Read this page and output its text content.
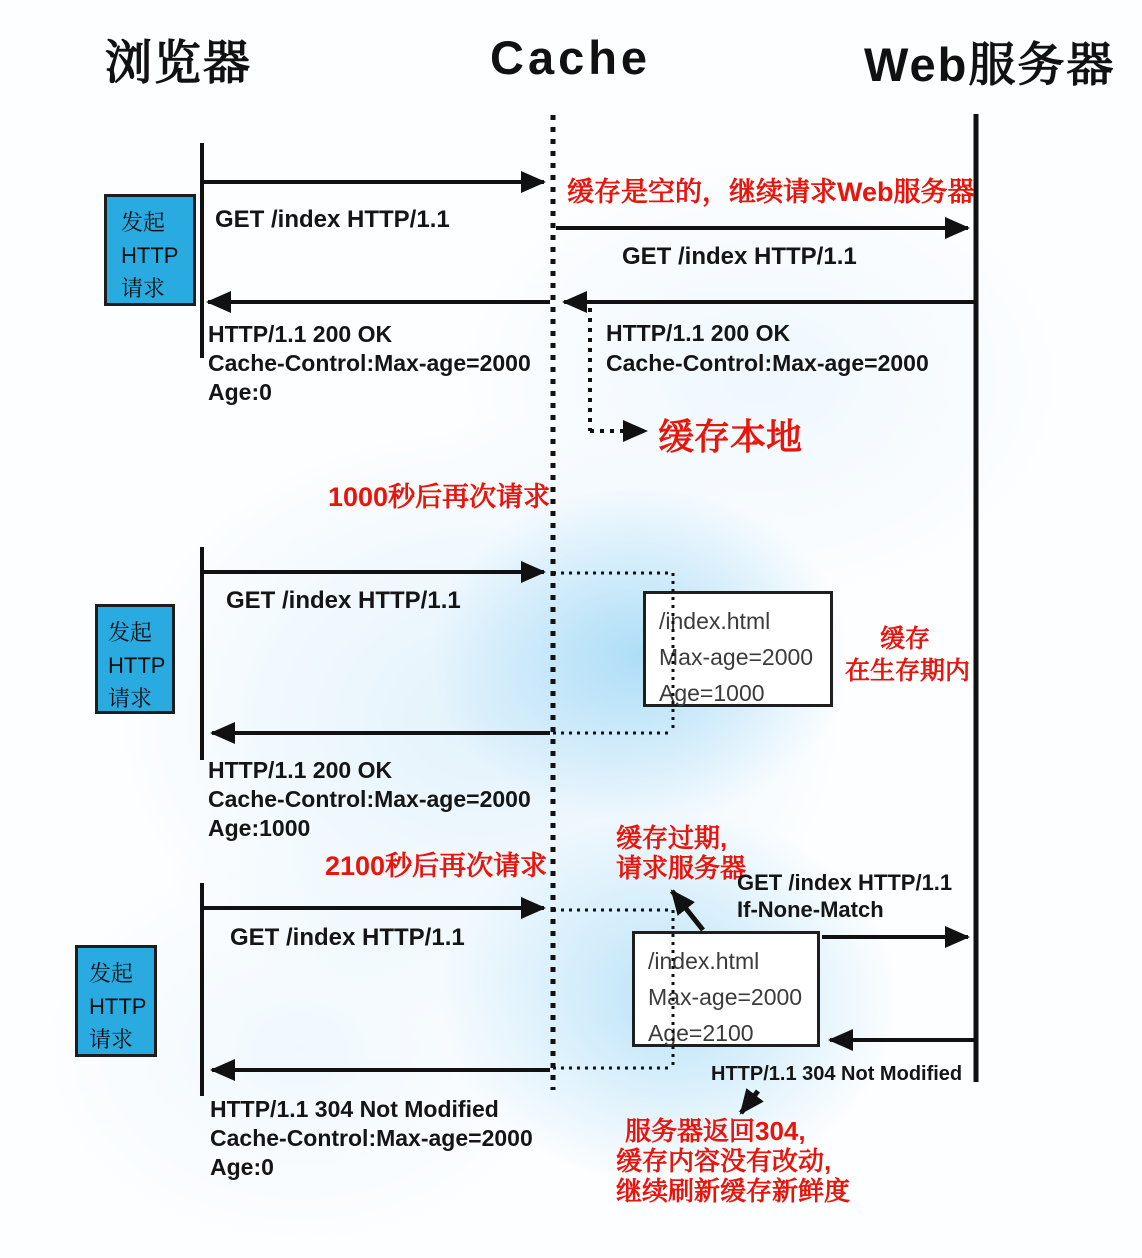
浏览器	Cache	Web服务器
/index.html
Max-age=2000
Age=1000
/index.html
Max-age=2000
Age=2100
发起
HTTP
请求
发起
HTTP
请求
发起
HTTP
请求
GET /index HTTP/1.1
缓存是空的，继续请求Web服务器
GET /index HTTP/1.1
HTTP/1.1 200 OK
Cache-Control:Max-age=2000
HTTP/1.1 200 OK
Cache-Control:Max-age=2000
Age:0
缓存本地
1000秒后再次请求
GET /index HTTP/1.1
缓存
在生存期内
HTTP/1.1 200 OK
Cache-Control:Max-age=2000
Age:1000
2100秒后再次请求
缓存过期,
请求服务器
GET /index HTTP/1.1
GET /index HTTP/1.1
If-None-Match
HTTP/1.1 304 Not Modified
HTTP/1.1 304 Not Modified
Cache-Control:Max-age=2000
Age:0
服务器返回304,
缓存内容没有改动,
继续刷新缓存新鲜度
